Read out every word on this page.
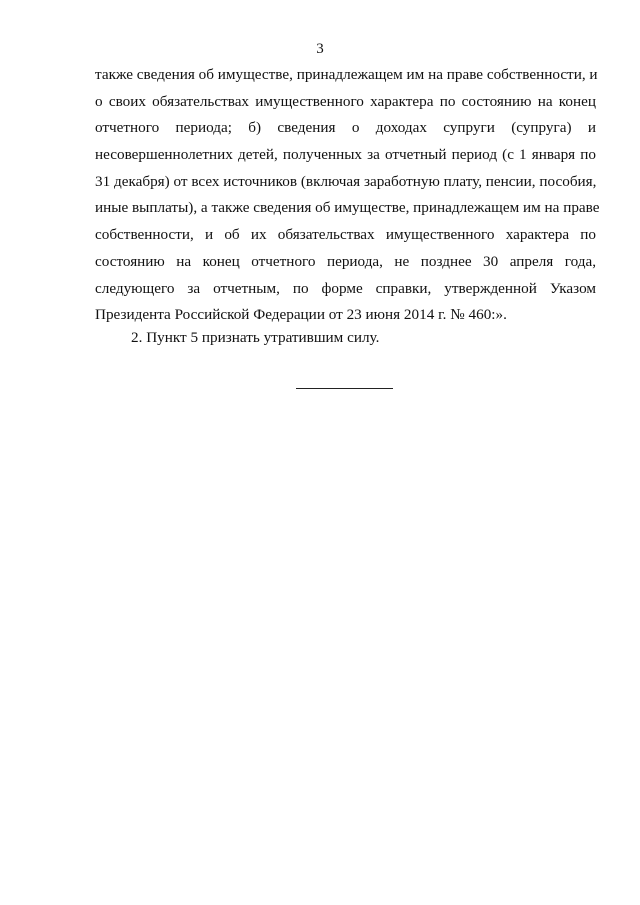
3
также сведения об имуществе, принадлежащем им на праве собственности, и
о своих обязательствах имущественного характера по состоянию на конец
отчетного периода; б) сведения о доходах супруги (супруга) и
несовершеннолетних детей, полученных за отчетный период (с 1 января по
31 декабря) от всех источников (включая заработную плату, пенсии, пособия,
иные выплаты), а также сведения об имуществе, принадлежащем им на праве
собственности, и об их обязательствах имущественного характера по
состоянию на конец отчетного периода, не позднее 30 апреля года,
следующего за отчетным, по форме справки, утвержденной Указом
Президента Российской Федерации от 23 июня 2014 г. № 460:».
2. Пункт 5 признать утратившим силу.
